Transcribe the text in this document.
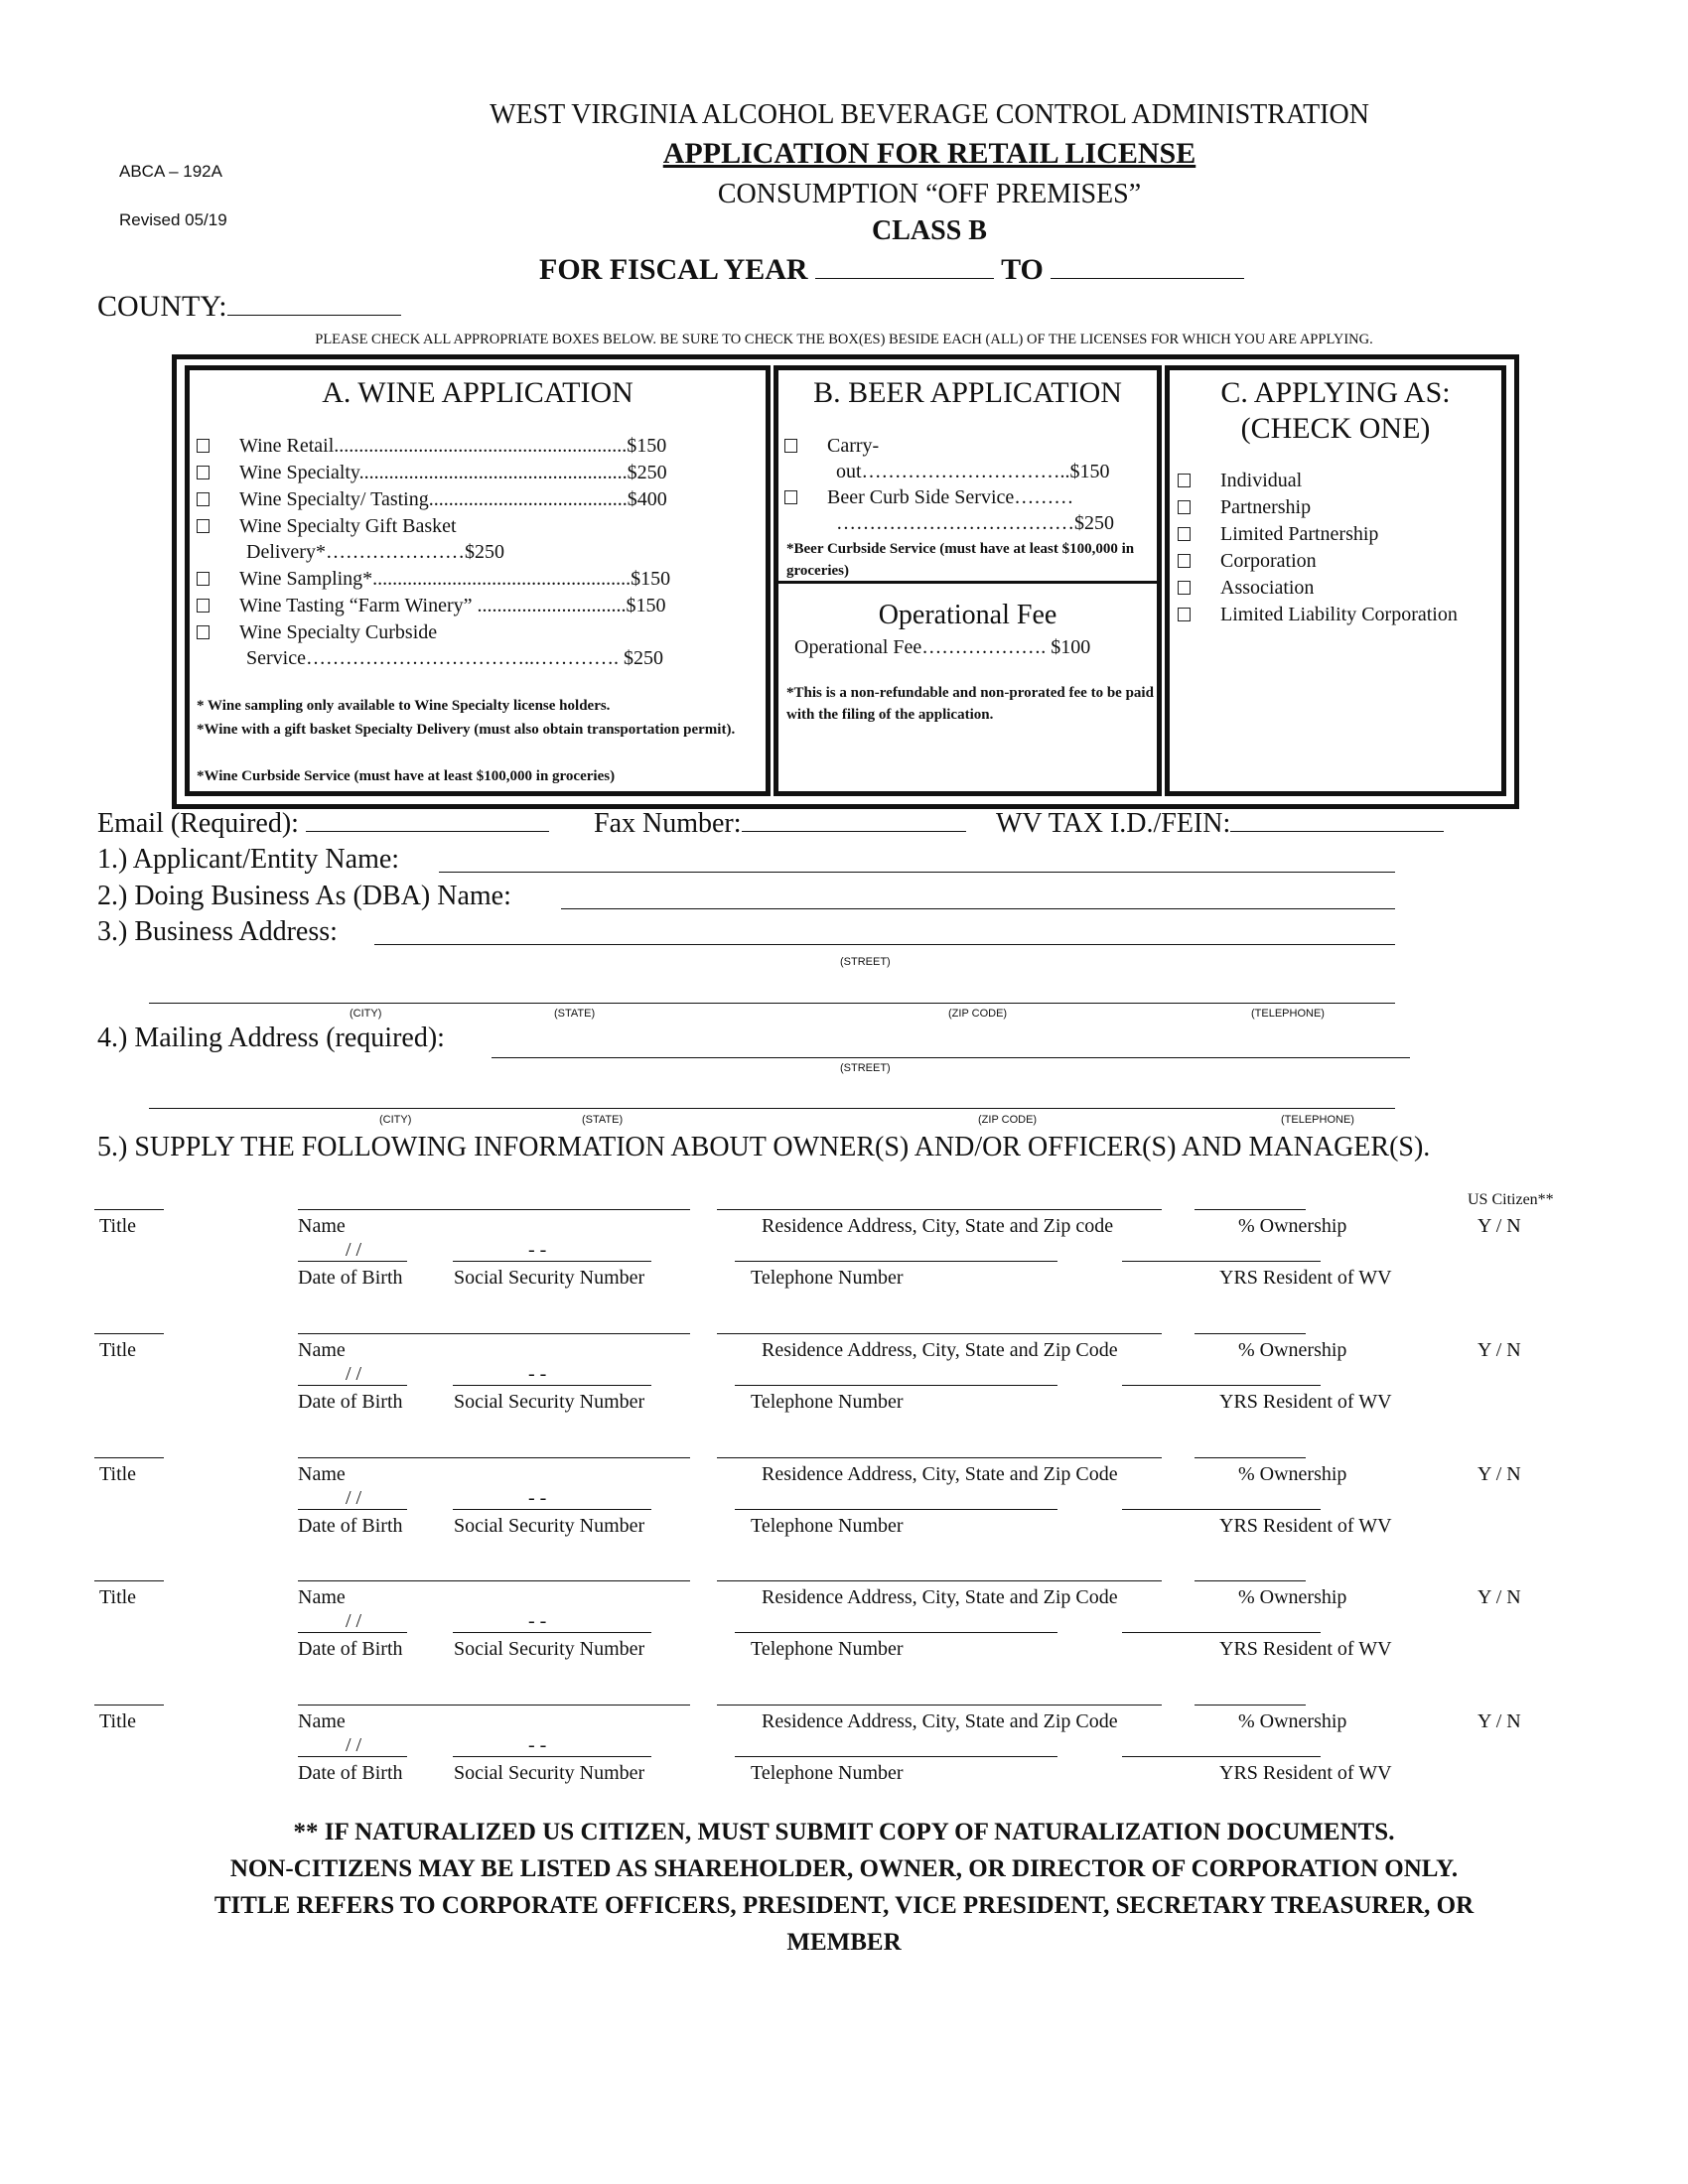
ABCA – 192A
Revised 05/19
WEST VIRGINIA ALCOHOL BEVERAGE CONTROL ADMINISTRATION
APPLICATION FOR RETAIL LICENSE
CONSUMPTION “OFF PREMISES”
CLASS B
FOR FISCAL YEAR	TO
COUNTY:
PLEASE CHECK ALL APPROPRIATE BOXES BELOW. BE SURE TO CHECK THE BOX(ES) BESIDE EACH (ALL) OF THE LICENSES FOR WHICH YOU ARE APPLYING.
A. WINE APPLICATION
Wine Retail...........................................................$150
Wine Specialty......................................................$250
Wine Specialty/ Tasting........................................$400
Wine Specialty Gift Basket
Delivery*…………………$250
Wine Sampling*....................................................$150
Wine Tasting “Farm Winery” ..............................$150
Wine Specialty Curbside
Service……………………………..…………. $250
* Wine sampling only available to Wine Specialty license holders.
*Wine with a gift basket Specialty Delivery (must also obtain transportation permit).
*Wine Curbside Service (must have at least $100,000 in groceries)
B. BEER APPLICATION
Carry-
out…………………………..$150
Beer Curb Side Service………
………………………………$250
*Beer Curbside Service (must have at least $100,000 in groceries)
Operational Fee
Operational Fee………………. $100
*This is a non-refundable and non-prorated fee to be paid with the filing of the application.
C. APPLYING AS:
(CHECK ONE)
Individual
Partnership
Limited Partnership
Corporation
Association
Limited Liability Corporation
Email (Required):	Fax Number:	WV TAX I.D./FEIN:
1.) Applicant/Entity Name:
2.) Doing Business As (DBA) Name:
3.) Business Address:
(STREET)
(CITY)	(STATE)	(ZIP CODE)	(TELEPHONE)
4.) Mailing Address (required):
(STREET)
(CITY)	(STATE)	(ZIP CODE)	(TELEPHONE)
5.) SUPPLY THE FOLLOWING INFORMATION ABOUT OWNER(S) AND/OR OFFICER(S) AND MANAGER(S).
US Citizen**
Title	Name	Residence Address, City, State and Zip code	% Ownership	Y / N
/ /	- -
Date of Birth	Social Security Number	Telephone Number	YRS Resident of WV
Title	Name	Residence Address, City, State and Zip Code	% Ownership	Y / N
/ /	- -
Date of Birth	Social Security Number	Telephone Number	YRS Resident of WV
Title	Name	Residence Address, City, State and Zip Code	% Ownership	Y / N
/ /	- -
Date of Birth	Social Security Number	Telephone Number	YRS Resident of WV
Title	Name	Residence Address, City, State and Zip Code	% Ownership	Y / N
/ /	- -
Date of Birth	Social Security Number	Telephone Number	YRS Resident of WV
Title	Name	Residence Address, City, State and Zip Code	% Ownership	Y / N
/ /	- -
Date of Birth	Social Security Number	Telephone Number	YRS Resident of WV
** IF NATURALIZED US CITIZEN, MUST SUBMIT COPY OF NATURALIZATION DOCUMENTS.
NON-CITIZENS MAY BE LISTED AS SHAREHOLDER, OWNER, OR DIRECTOR OF CORPORATION ONLY.
TITLE REFERS TO CORPORATE OFFICERS, PRESIDENT, VICE PRESIDENT, SECRETARY TREASURER, OR
MEMBER
